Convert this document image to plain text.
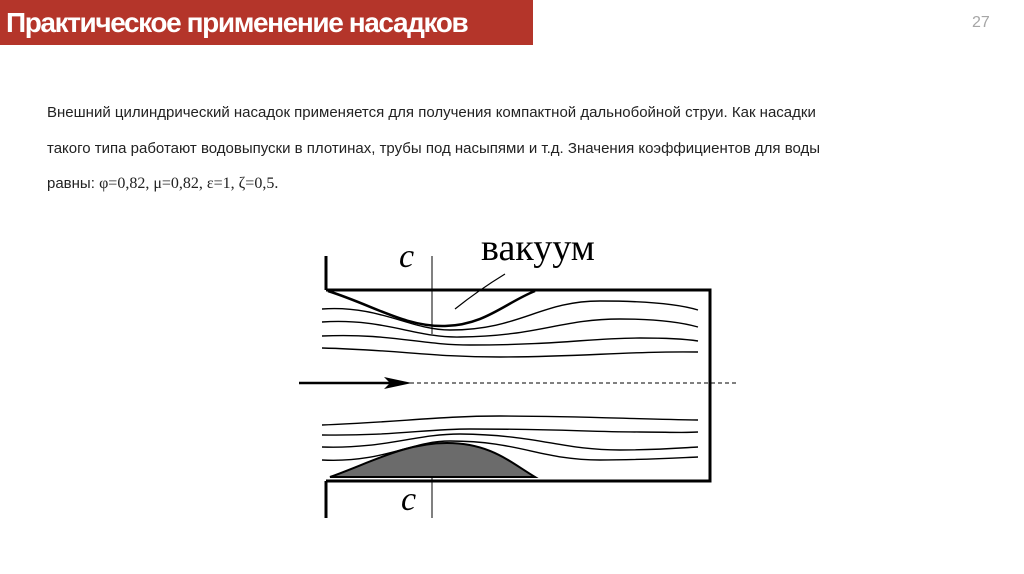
Практическое применение насадков	27
Внешний цилиндрический насадок применяется для получения компактной дальнобойной струи. Как насадки
такого типа работают водовыпуски в плотинах, трубы под насыпями и т.д. Значения коэффициентов для воды
равны: φ=0,82, μ=0,82, ε=1, ζ=0,5.
вакуум
c
c
